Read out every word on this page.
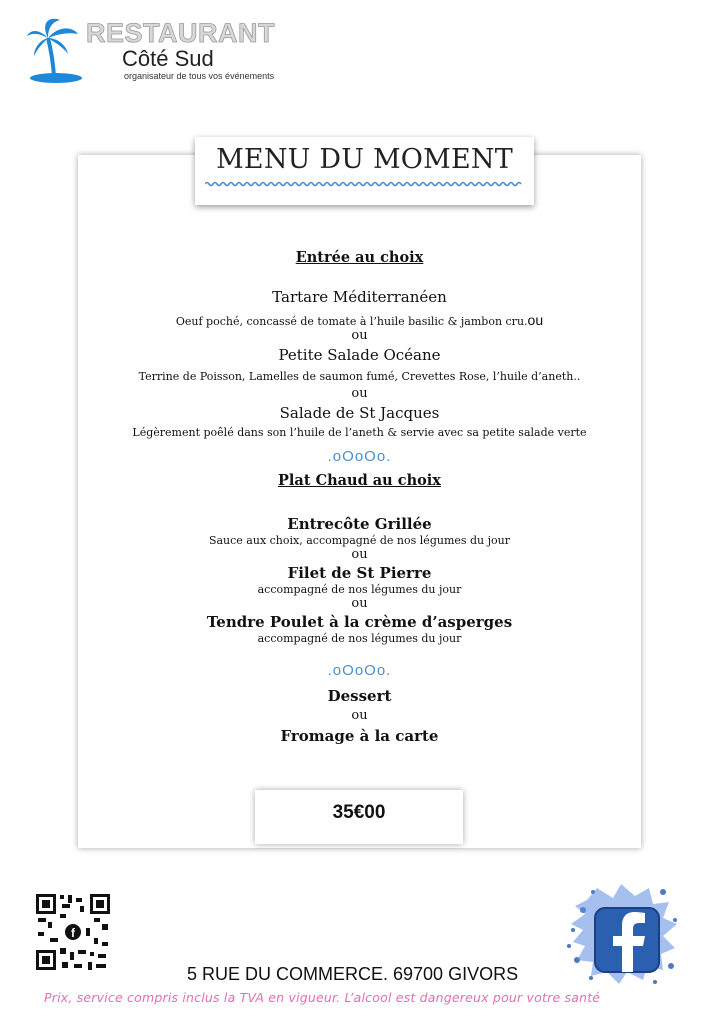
RESTAURANT
Côté Sud
organisateur de tous vos événements
MENU DU MOMENT
Entrée au choix
Tartare Méditerranéen
Oeuf poché, concassé de tomate à l’huile basilic & jambon cru.ou
ou
Petite Salade Océane
Terrine de Poisson, Lamelles de saumon fumé, Crevettes Rose, l’huile d’aneth..
ou
Salade de St Jacques
Légèrement poêlé dans son l’huile de l’aneth & servie avec sa petite salade verte
.oOoOo.
Plat Chaud au choix
Entrecôte Grillée
Sauce aux choix, accompagné de nos légumes du jour
ou
Filet de St Pierre
accompagné de nos légumes du jour
ou
Tendre Poulet à la crème d’asperges
accompagné de nos légumes du jour
.oOoOo.
Dessert
ou
Fromage à la carte
35€00
f
5 RUE DU COMMERCE. 69700 GIVORS
Prix, service compris inclus la TVA en vigueur. L’alcool est dangereux pour votre santé
